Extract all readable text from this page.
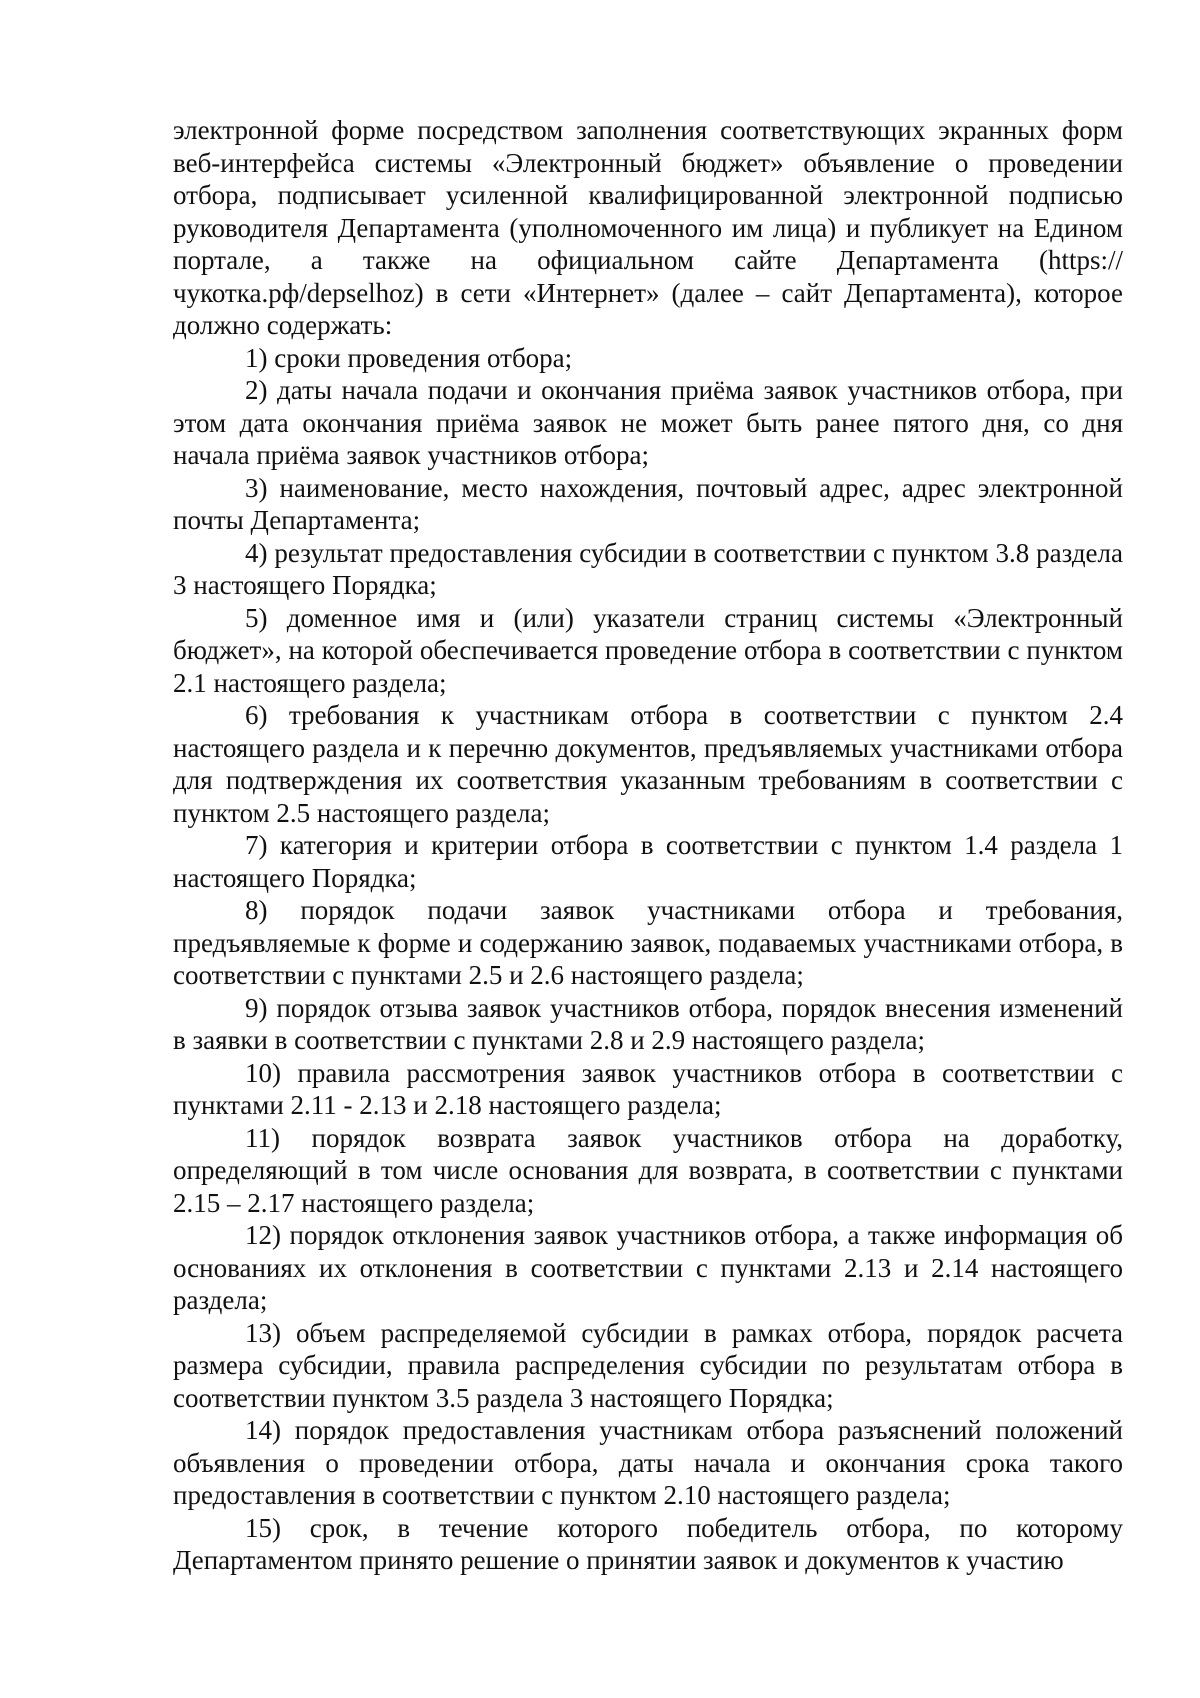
электронной форме посредством заполнения соответствующих экранных форм веб-интерфейса системы «Электронный бюджет» объявление о проведении отбора, подписывает усиленной квалифицированной электронной подписью руководителя Департамента (уполномоченного им лица) и публикует на Едином портале, а также на официальном сайте Департамента (https://чукотка.рф/depselhoz) в сети «Интернет» (далее – сайт Департамента), которое должно содержать:

1) сроки проведения отбора;

2) даты начала подачи и окончания приёма заявок участников отбора, при этом дата окончания приёма заявок не может быть ранее пятого дня, со дня начала приёма заявок участников отбора;

3) наименование, место нахождения, почтовый адрес, адрес электронной почты Департамента;

4) результат предоставления субсидии в соответствии с пунктом 3.8 раздела 3 настоящего Порядка;

5) доменное имя и (или) указатели страниц системы «Электронный бюджет», на которой обеспечивается проведение отбора в соответствии с пунктом 2.1 настоящего раздела;

6) требования к участникам отбора в соответствии с пунктом 2.4 настоящего раздела и к перечню документов, предъявляемых участниками отбора для подтверждения их соответствия указанным требованиям в соответствии с пунктом 2.5 настоящего раздела;

7) категория и критерии отбора в соответствии с пунктом 1.4 раздела 1 настоящего Порядка;

8) порядок подачи заявок участниками отбора и требования, предъявляемые к форме и содержанию заявок, подаваемых участниками отбора, в соответствии с пунктами 2.5 и 2.6 настоящего раздела;

9) порядок отзыва заявок участников отбора, порядок внесения изменений в заявки в соответствии с пунктами 2.8 и 2.9 настоящего раздела;

10) правила рассмотрения заявок участников отбора в соответствии с пунктами 2.11 - 2.13 и 2.18 настоящего раздела;

11) порядок возврата заявок участников отбора на доработку, определяющий в том числе основания для возврата, в соответствии с пунктами 2.15 – 2.17 настоящего раздела;

12) порядок отклонения заявок участников отбора, а также информация об основаниях их отклонения в соответствии с пунктами 2.13 и 2.14 настоящего раздела;

13) объем распределяемой субсидии в рамках отбора, порядок расчета размера субсидии, правила распределения субсидии по результатам отбора в соответствии пунктом 3.5 раздела 3 настоящего Порядка;

14) порядок предоставления участникам отбора разъяснений положений объявления о проведении отбора, даты начала и окончания срока такого предоставления в соответствии с пунктом 2.10 настоящего раздела;

15) срок, в течение которого победитель отбора, по которому Департаментом принято решение о принятии заявок и документов к участию
